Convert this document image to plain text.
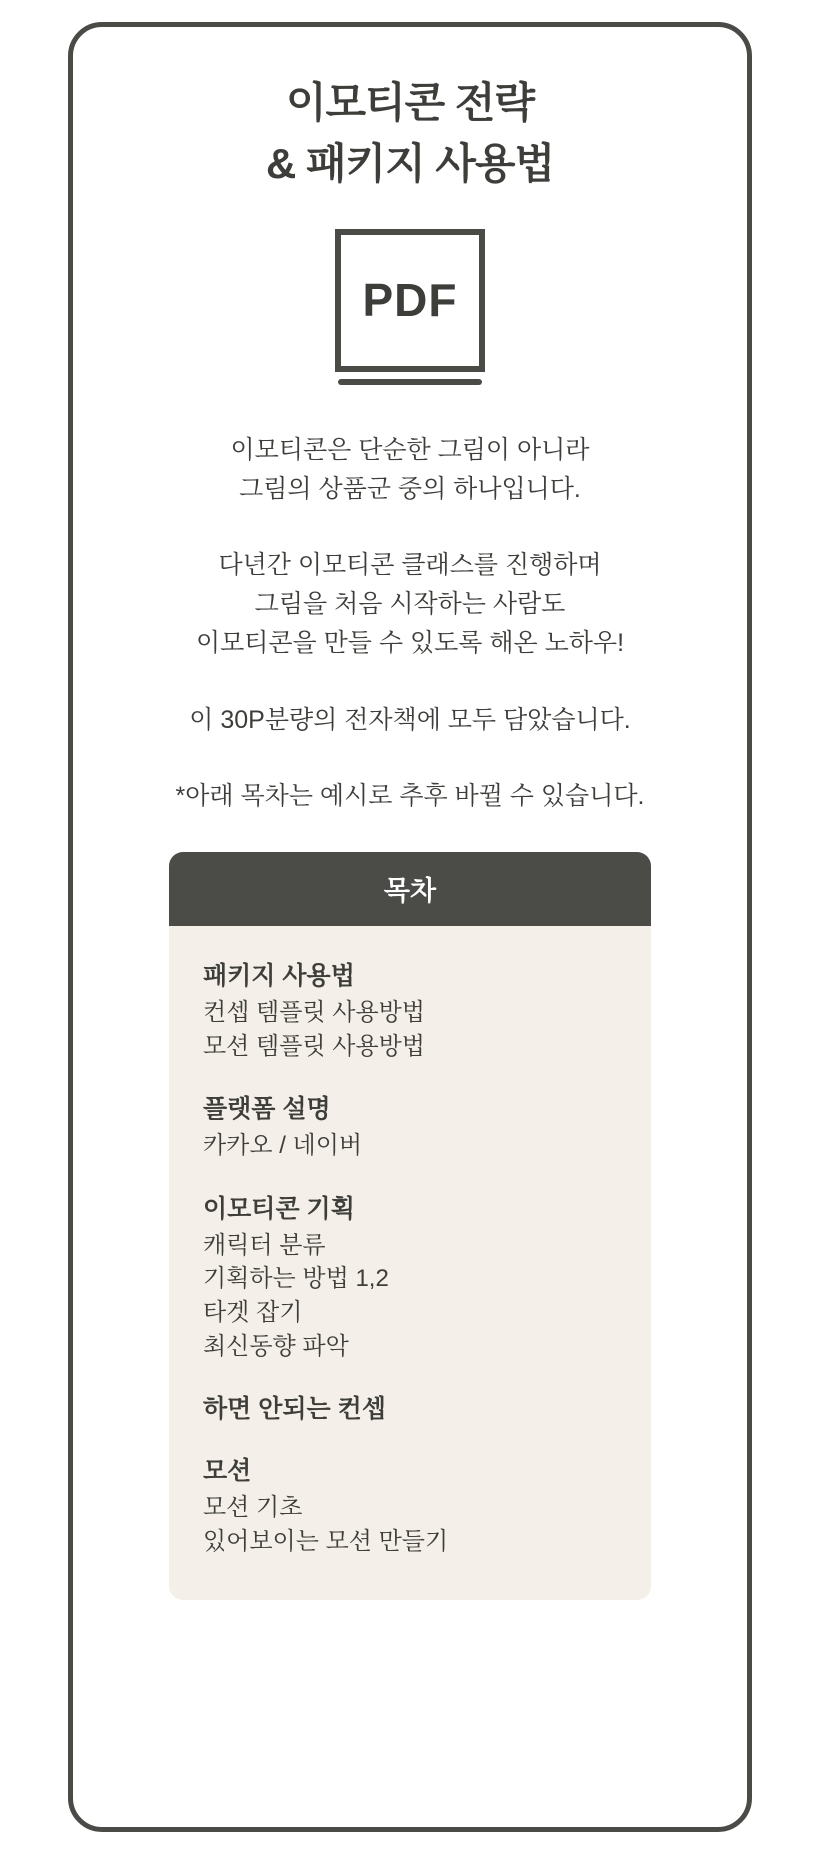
이모티콘 전략
& 패키지 사용법
PDF
이모티콘은 단순한 그림이 아니라
그림의 상품군 중의 하나입니다.
다년간 이모티콘 클래스를 진행하며
그림을 처음 시작하는 사람도
이모티콘을 만들 수 있도록 해온 노하우!
이 30P분량의 전자책에 모두 담았습니다.
*아래 목차는 예시로 추후 바뀔 수 있습니다.
목차
패키지 사용법
컨셉 템플릿 사용방법
모션 템플릿 사용방법
플랫폼 설명
카카오 / 네이버
이모티콘 기획
캐릭터 분류
기획하는 방법 1,2
타겟 잡기
최신동향 파악
하면 안되는 컨셉
모션
모션 기초
있어보이는 모션 만들기
